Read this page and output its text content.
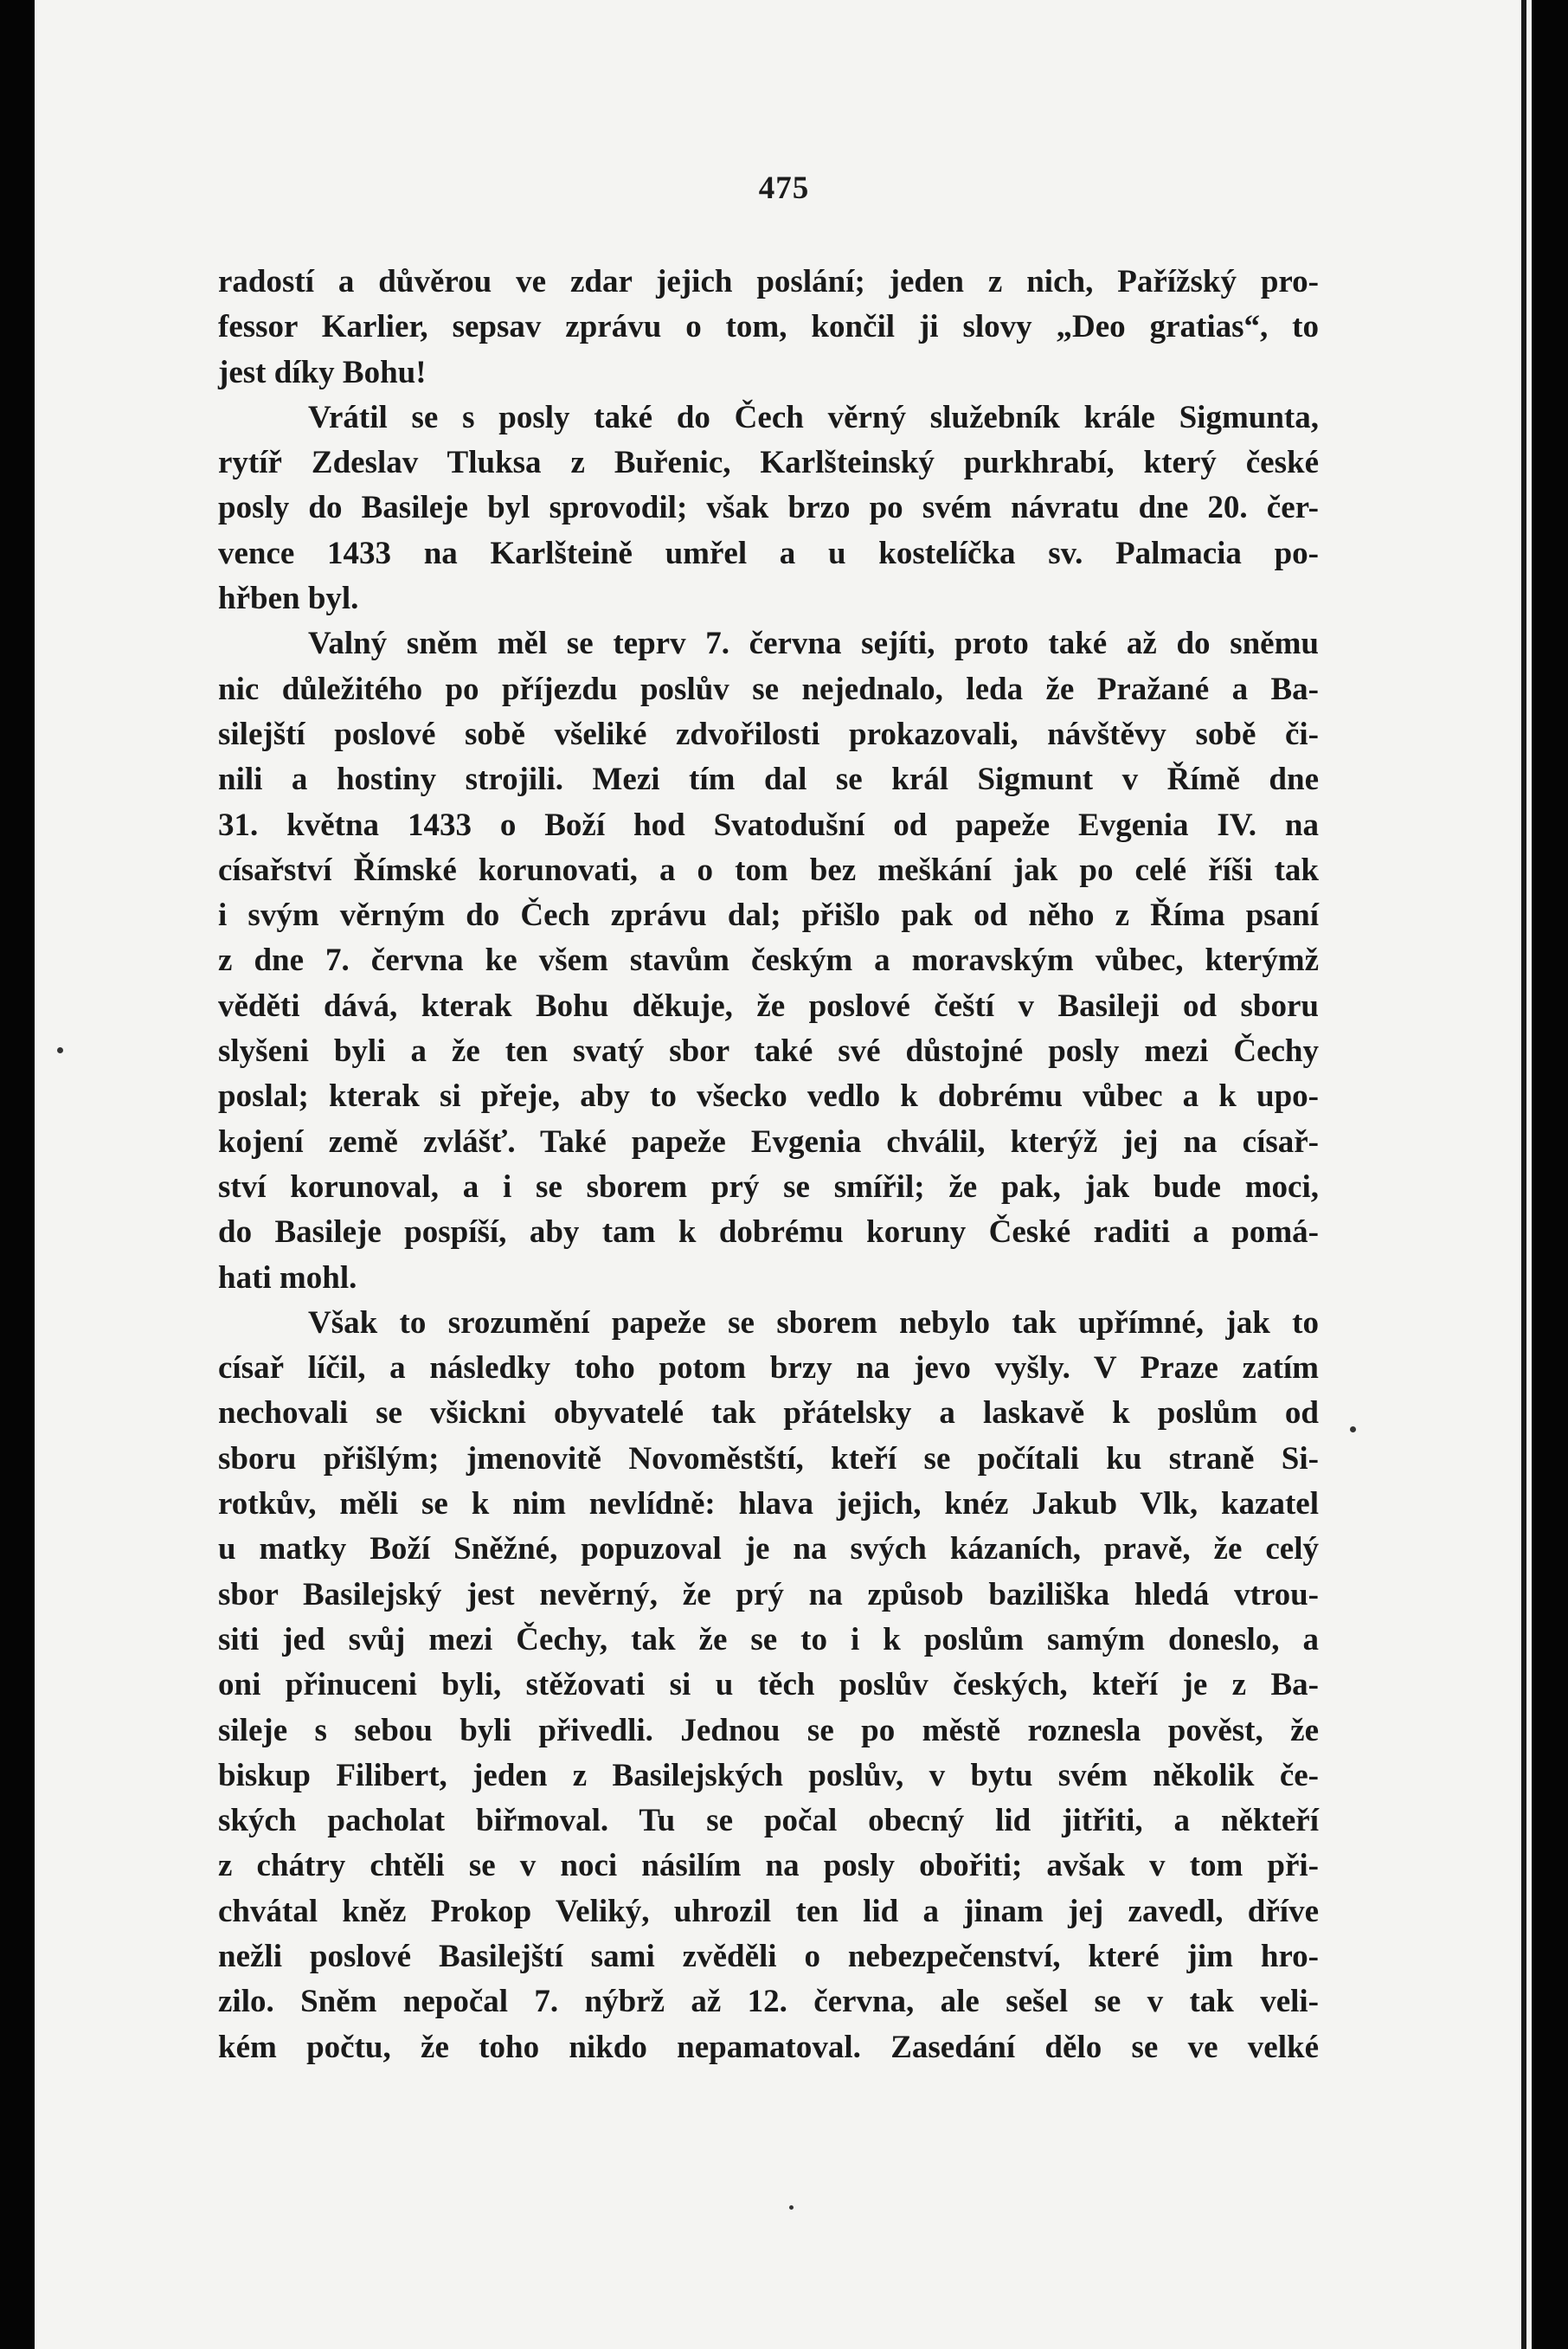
475
radostí a důvěrou ve zdar jejich poslání; jeden z nich, Pařížský pro-
fessor Karlier, sepsav zprávu o tom, končil ji slovy „Deo gratias“, to
jest díky Bohu!
Vrátil se s posly také do Čech věrný služebník krále Sigmunta,
rytíř Zdeslav Tluksa z Buřenic, Karlšteinský purkhrabí, který české
posly do Basileje byl sprovodil; však brzo po svém návratu dne 20. čer-
vence 1433 na Karlšteině umřel a u kostelíčka sv. Palmacia po-
hřben byl.
Valný sněm měl se teprv 7. června sejíti, proto také až do sněmu
nic důležitého po příjezdu poslův se nejednalo, leda že Pražané a Ba-
silejští poslové sobě všeliké zdvořilosti prokazovali, návštěvy sobě či-
nili a hostiny strojili. Mezi tím dal se král Sigmunt v Římě dne
31. května 1433 o Boží hod Svatodušní od papeže Evgenia IV. na
císařství Římské korunovati, a o tom bez meškání jak po celé říši tak
i svým věrným do Čech zprávu dal; přišlo pak od něho z Říma psaní
z dne 7. června ke všem stavům českým a moravským vůbec, kterýmž
věděti dává, kterak Bohu děkuje, že poslové čeští v Basileji od sboru
slyšeni byli a že ten svatý sbor také své důstojné posly mezi Čechy
poslal; kterak si přeje, aby to všecko vedlo k dobrému vůbec a k upo-
kojení země zvlášť. Také papeže Evgenia chválil, kterýž jej na císař-
ství korunoval, a i se sborem prý se smířil; že pak, jak bude moci,
do Basileje pospíší, aby tam k dobrému koruny České raditi a pomá-
hati mohl.
Však to srozumění papeže se sborem nebylo tak upřímné, jak to
císař líčil, a následky toho potom brzy na jevo vyšly. V Praze zatím
nechovali se všickni obyvatelé tak přátelsky a laskavě k poslům od
sboru přišlým; jmenovitě Novoměstští, kteří se počítali ku straně Si-
rotkův, měli se k nim nevlídně: hlava jejich, knéz Jakub Vlk, kazatel
u matky Boží Sněžné, popuzoval je na svých kázaních, pravě, že celý
sbor Basilejský jest nevěrný, že prý na způsob baziliška hledá vtrou-
siti jed svůj mezi Čechy, tak že se to i k poslům samým doneslo, a
oni přinuceni byli, stěžovati si u těch poslův českých, kteří je z Ba-
sileje s sebou byli přivedli. Jednou se po městě roznesla pověst, že
biskup Filibert, jeden z Basilejských poslův, v bytu svém několik če-
ských pacholat biřmoval. Tu se počal obecný lid jitřiti, a někteří
z chátry chtěli se v noci násilím na posly obořiti; avšak v tom při-
chvátal kněz Prokop Veliký, uhrozil ten lid a jinam jej zavedl, dříve
nežli poslové Basilejští sami zvěděli o nebezpečenství, které jim hro-
zilo. Sněm nepočal 7. nýbrž až 12. června, ale sešel se v tak veli-
kém počtu, že toho nikdo nepamatoval. Zasedání dělo se ve velké
